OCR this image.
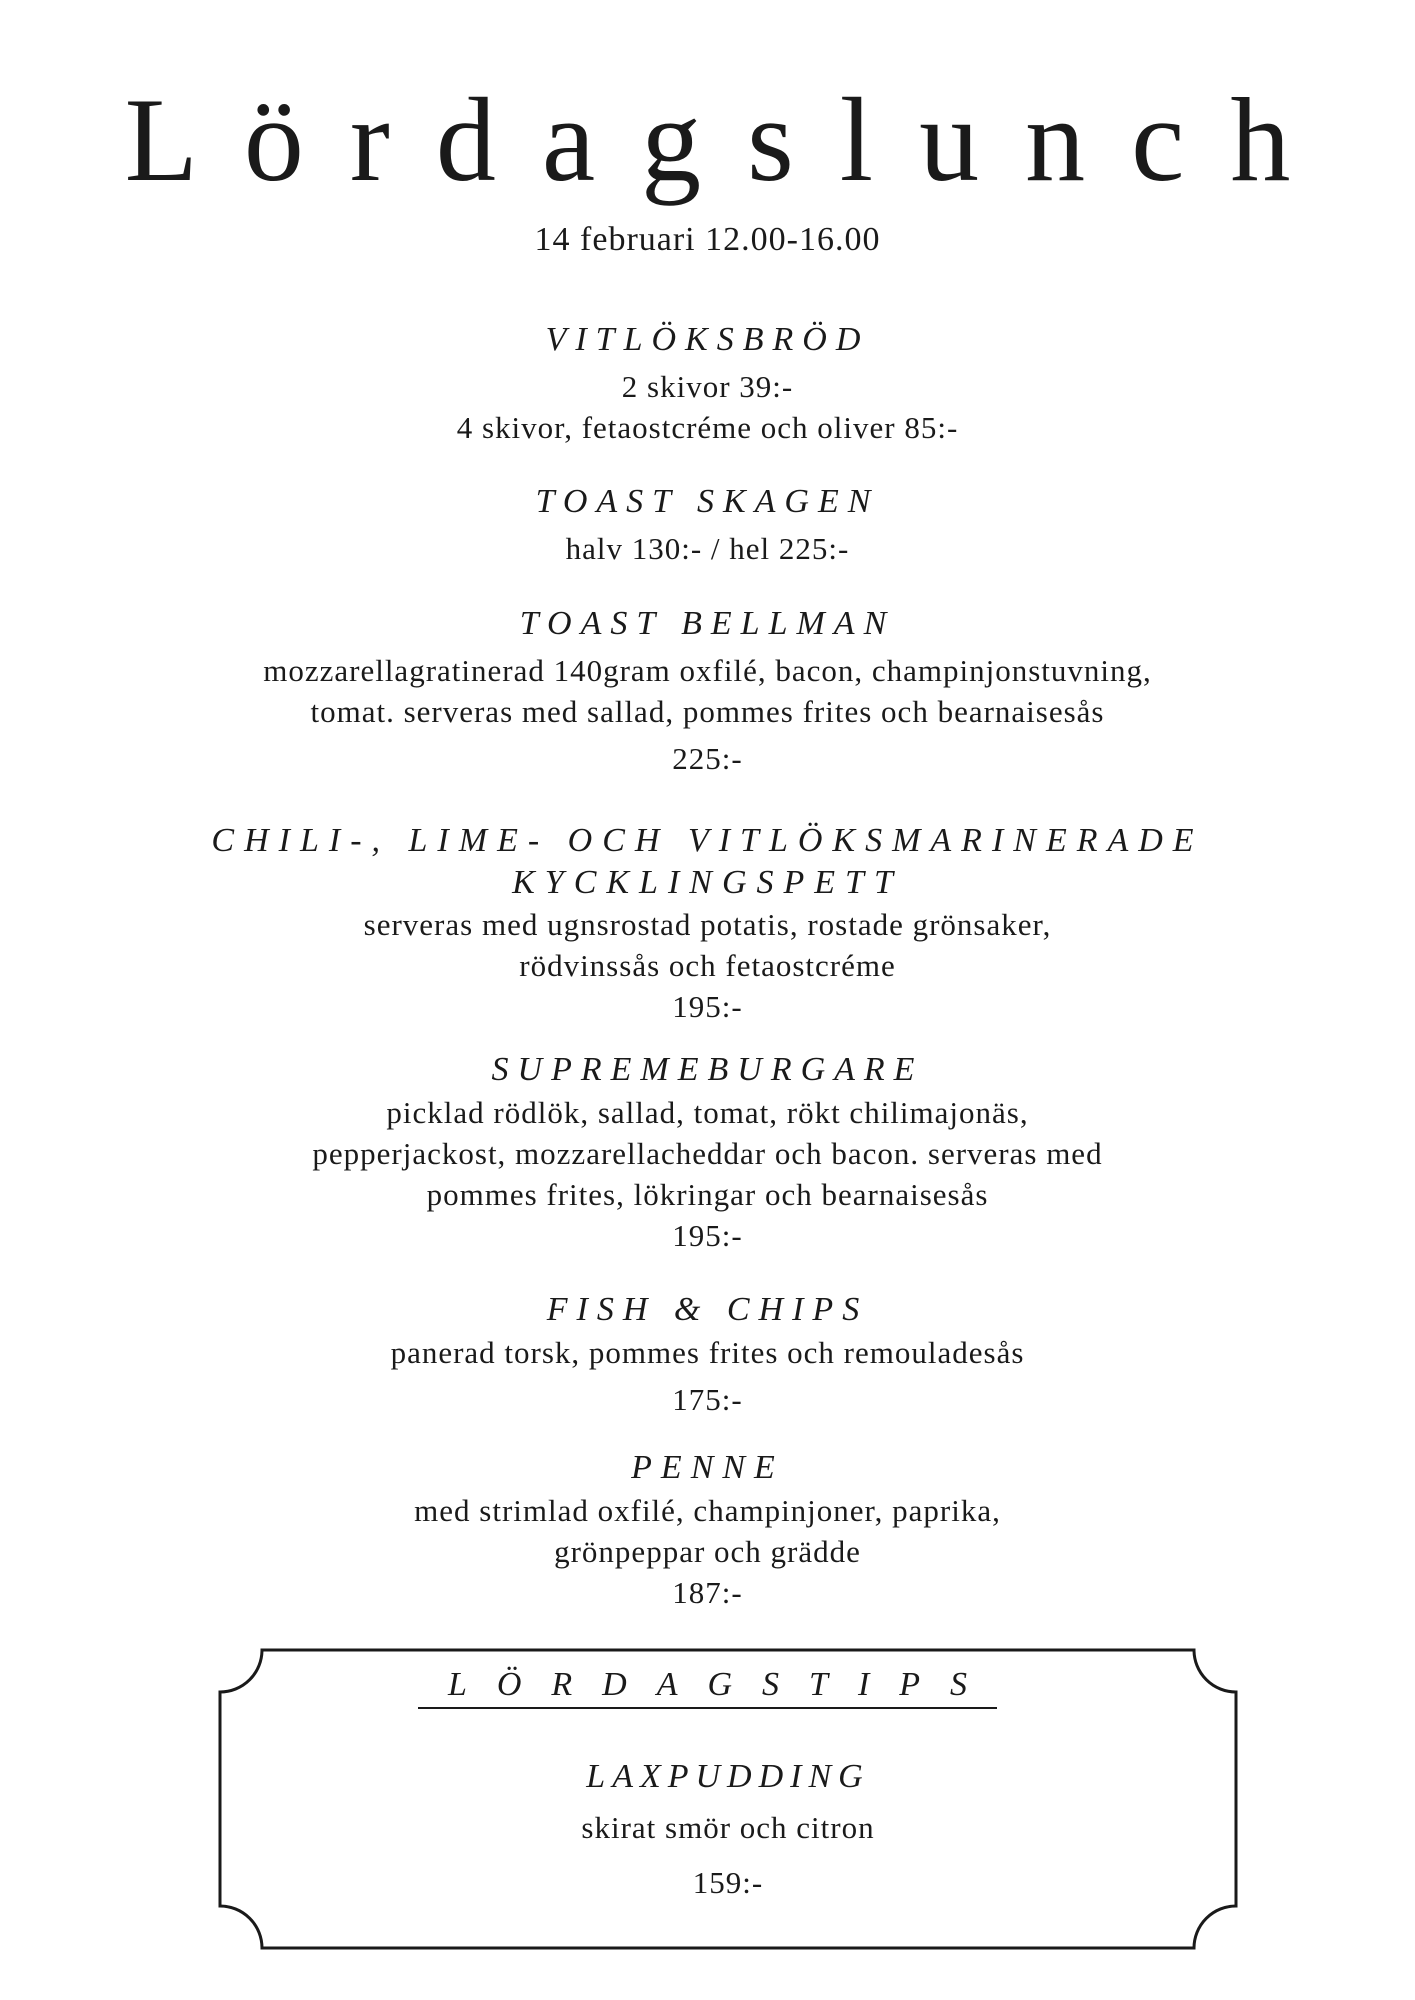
Lördagslunch
14 februari 12.00-16.00
VITLÖKSBRÖD

2 skivor 39:-

4 skivor, fetaostcréme och oliver 85:-

TOAST SKAGEN

halv 130:- / hel 225:-

TOAST BELLMAN

mozzarellagratinerad 140gram oxfilé, bacon, champinjonstuvning,

tomat. serveras med sallad, pommes frites och bearnaisesås

225:-

CHILI-, LIME- OCH VITLÖKSMARINERADE
KYCKLINGSPETT

serveras med ugnsrostad potatis, rostade grönsaker,

rödvinssås och fetaostcréme

195:-

SUPREMEBURGARE

picklad rödlök, sallad, tomat, rökt chilimajonäs,

pepperjackost, mozzarellacheddar och bacon. serveras med

pommes frites, lökringar och bearnaisesås

195:-

FISH & CHIPS

panerad torsk, pommes frites och remouladesås

175:-

PENNE

med strimlad oxfilé, champinjoner, paprika,

grönpeppar och grädde

187:-

LÖRDAGSTIPS
LAXPUDDING

skirat smör och citron

159:-
